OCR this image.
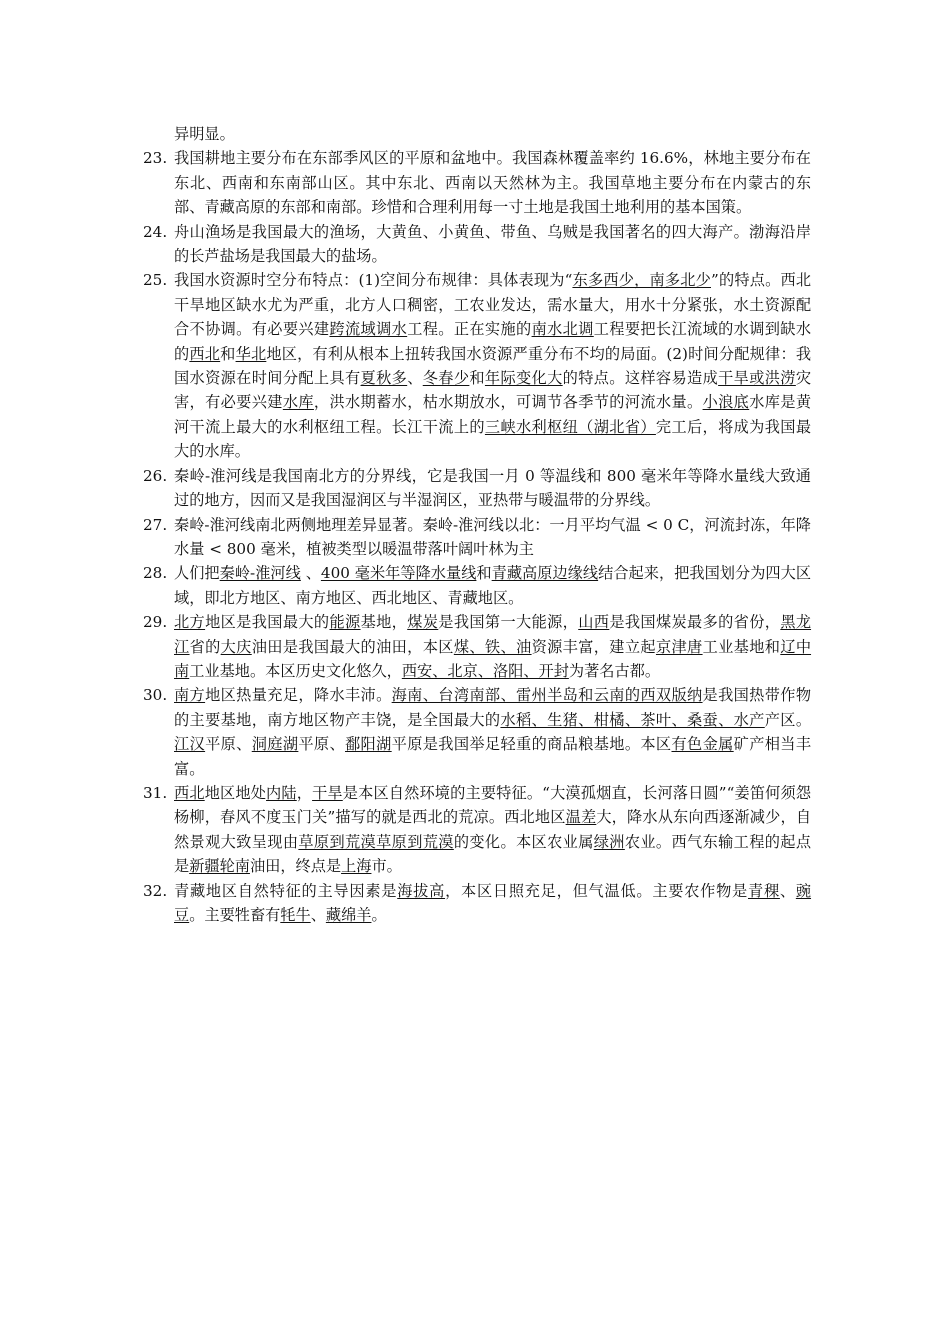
异明显。

23. 我国耕地主要分布在东部季风区的平原和盆地中。我国森林覆盖率约 16.6%，林地主要分布在东北、西南和东南部山区。其中东北、西南以天然林为主。我国草地主要分布在内蒙古的东部、青藏高原的东部和南部。珍惜和合理利用每一寸土地是我国土地利用的基本国策。
24. 舟山渔场是我国最大的渔场，大黄鱼、小黄鱼、带鱼、乌贼是我国著名的四大海产。渤海沿岸的长芦盐场是我国最大的盐场。
25. 我国水资源时空分布特点：(1)空间分布规律：具体表现为“东多西少，南多北少”的特点。西北干旱地区缺水尤为严重，北方人口稠密，工农业发达，需水量大，用水十分紧张，水土资源配合不协调。有必要兴建跨流域调水工程。正在实施的南水北调工程要把长江流域的水调到缺水的西北和华北地区，有利从根本上扭转我国水资源严重分布不均的局面。(2)时间分配规律：我国水资源在时间分配上具有夏秋多、冬春少和年际变化大的特点。这样容易造成干旱或洪涝灾害，有必要兴建水库，洪水期蓄水，枯水期放水，可调节各季节的河流水量。小浪底水库是黄河干流上最大的水利枢纽工程。长江干流上的三峡水利枢纽（湖北省）完工后，将成为我国最大的水库。
26. 秦岭-淮河线是我国南北方的分界线，它是我国一月 0 等温线和 800 毫米年等降水量线大致通过的地方，因而又是我国湿润区与半湿润区，亚热带与暖温带的分界线。
27. 秦岭-淮河线南北两侧地理差异显著。秦岭-淮河线以北：一月平均气温 < 0 C，河流封冻，年降水量 < 800 毫米，植被类型以暖温带落叶阔叶林为主
28. 人们把秦岭-淮河线 、400 毫米年等降水量线和青藏高原边缘线结合起来，把我国划分为四大区域，即北方地区、南方地区、西北地区、青藏地区。
29. 北方地区是我国最大的能源基地，煤炭是我国第一大能源，山西是我国煤炭最多的省份，黑龙江省的大庆油田是我国最大的油田，本区煤、铁、油资源丰富，建立起京津唐工业基地和辽中南工业基地。本区历史文化悠久，西安、北京、洛阳、开封为著名古都。
30. 南方地区热量充足，降水丰沛。海南、台湾南部、雷州半岛和云南的西双版纳是我国热带作物的主要基地，南方地区物产丰饶，是全国最大的水稻、生猪、柑橘、茶叶、桑蚕、水产产区。江汉平原、洞庭湖平原、鄱阳湖平原是我国举足轻重的商品粮基地。本区有色金属矿产相当丰富。
31. 西北地区地处内陆，干旱是本区自然环境的主要特征。“大漠孤烟直，长河落日圆”“姜笛何须怨杨柳，春风不度玉门关”描写的就是西北的荒凉。西北地区温差大，降水从东向西逐渐减少，自然景观大致呈现由草原到荒漠草原到荒漠的变化。本区农业属绿洲农业。西气东输工程的起点是新疆轮南油田，终点是上海市。
32. 青藏地区自然特征的主导因素是海拔高，本区日照充足，但气温低。主要农作物是青稞、豌豆。主要牲畜有牦牛、藏绵羊。
